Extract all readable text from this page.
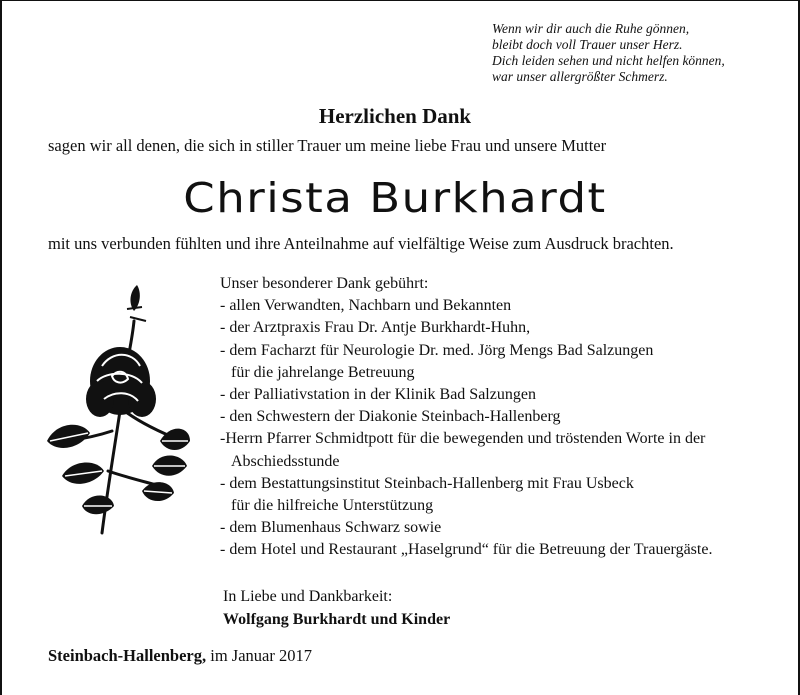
Wenn wir dir auch die Ruhe gönnen,
bleibt doch voll Trauer unser Herz.
Dich leiden sehen und nicht helfen können,
war unser allergrößter Schmerz.
Herzlichen Dank
sagen wir all denen, die sich in stiller Trauer um meine liebe Frau und unsere Mutter
Christa Burkhardt
mit uns verbunden fühlten und ihre Anteilnahme auf vielfältige Weise zum Ausdruck brachten.
Unser besonderer Dank gebührt:
- allen Verwandten, Nachbarn und Bekannten
- der Arztpraxis Frau Dr. Antje Burkhardt-Huhn,
- dem Facharzt für Neurologie Dr. med. Jörg Mengs Bad Salzungen
für die jahrelange Betreuung
- der Palliativstation in der Klinik Bad Salzungen
- den Schwestern der Diakonie Steinbach-Hallenberg
-Herrn Pfarrer Schmidtpott für die bewegenden und tröstenden Worte in der
Abschiedsstunde
- dem Bestattungsinstitut Steinbach-Hallenberg mit Frau Usbeck
für die hilfreiche Unterstützung
- dem Blumenhaus Schwarz sowie
- dem Hotel und Restaurant „Haselgrund“ für die Betreuung der Trauergäste.
In Liebe und Dankbarkeit:
Wolfgang Burkhardt und Kinder
Steinbach-Hallenberg, im Januar 2017
